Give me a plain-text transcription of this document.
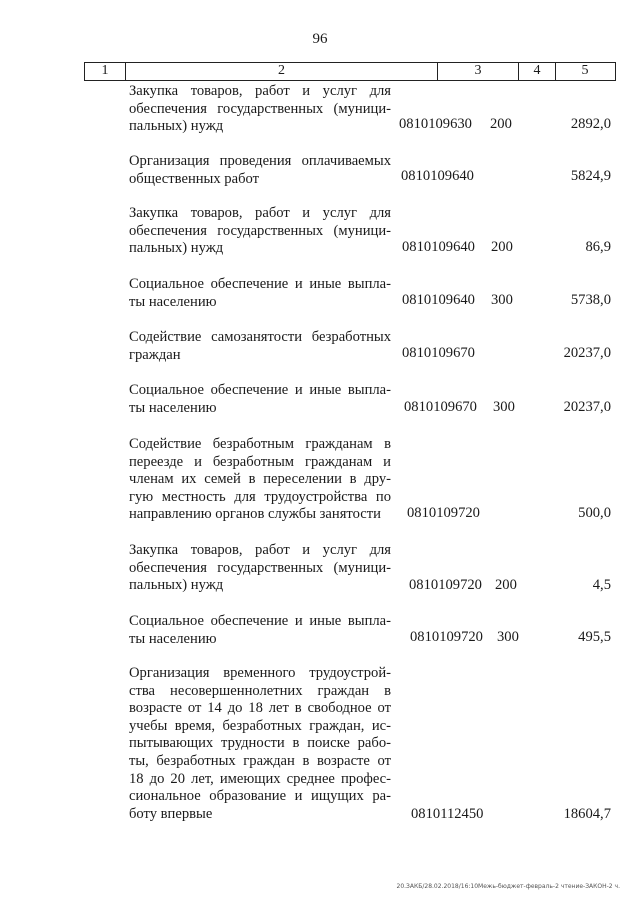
96
1	2	3	4	5
Закупка товаров, работ и услуг для
обеспечения государственных (муници-
пальных) нужд	0810109630 200	2892,0
Организация проведения оплачиваемых
общественных работ	0810109640	5824,9
Закупка товаров, работ и услуг для
обеспечения государственных (муници-
пальных) нужд	0810109640 200	86,9
Социальное обеспечение и иные выпла-
ты населению	0810109640 300	5738,0
Содействие самозанятости безработных
граждан	0810109670	20237,0
Социальное обеспечение и иные выпла-
ты населению	0810109670 300	20237,0
Содействие безработным гражданам в
переезде и безработным гражданам и
членам их семей в переселении в дру-
гую местность для трудоустройства по
направлению органов службы занятости	0810109720	500,0
Закупка товаров, работ и услуг для
обеспечения государственных (муници-
пальных) нужд	0810109720 200	4,5
Социальное обеспечение и иные выпла-
ты населению	0810109720 300	495,5
Организация временного трудоустрой-
ства несовершеннолетних граждан в
возрасте от 14 до 18 лет в свободное от
учебы время, безработных граждан, ис-
пытывающих трудности в поиске рабо-
ты, безработных граждан в возрасте от
18 до 20 лет, имеющих среднее профес-
сиональное образование и ищущих ра-
боту впервые	0810112450	18604,7
20.ЗАКБ/28.02.2018/16:10Межь-бюджет-февраль-2 чтение-ЗАКОН-2 ч.
